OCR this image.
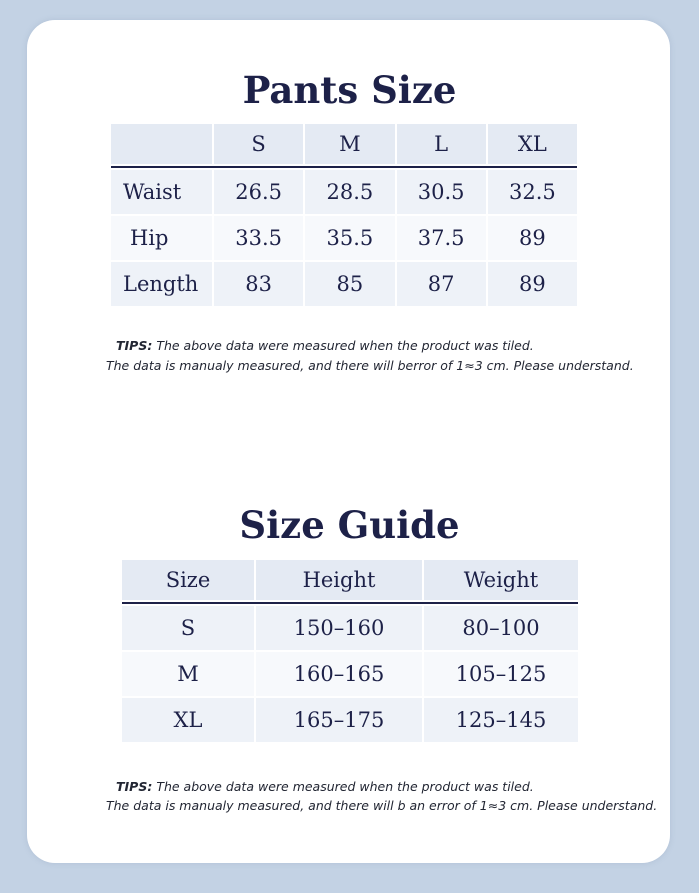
Pants Size
	S	M	L	XL

Waist	26.5	28.5	30.5	32.5
Hip	33.5	35.5	37.5	89
Length	83	85	87	89
TIPS: The above data were measured when the product was tiled.
The data is manualy measured, and there will berror of 1≈3 cm. Please understand.
Size Guide
Size	Height	Weight

S	150–160	80–100
M	160–165	105–125
XL	165–175	125–145
TIPS: The above data were measured when the product was tiled.
The data is manualy measured, and there will b an error of 1≈3 cm. Please understand.
